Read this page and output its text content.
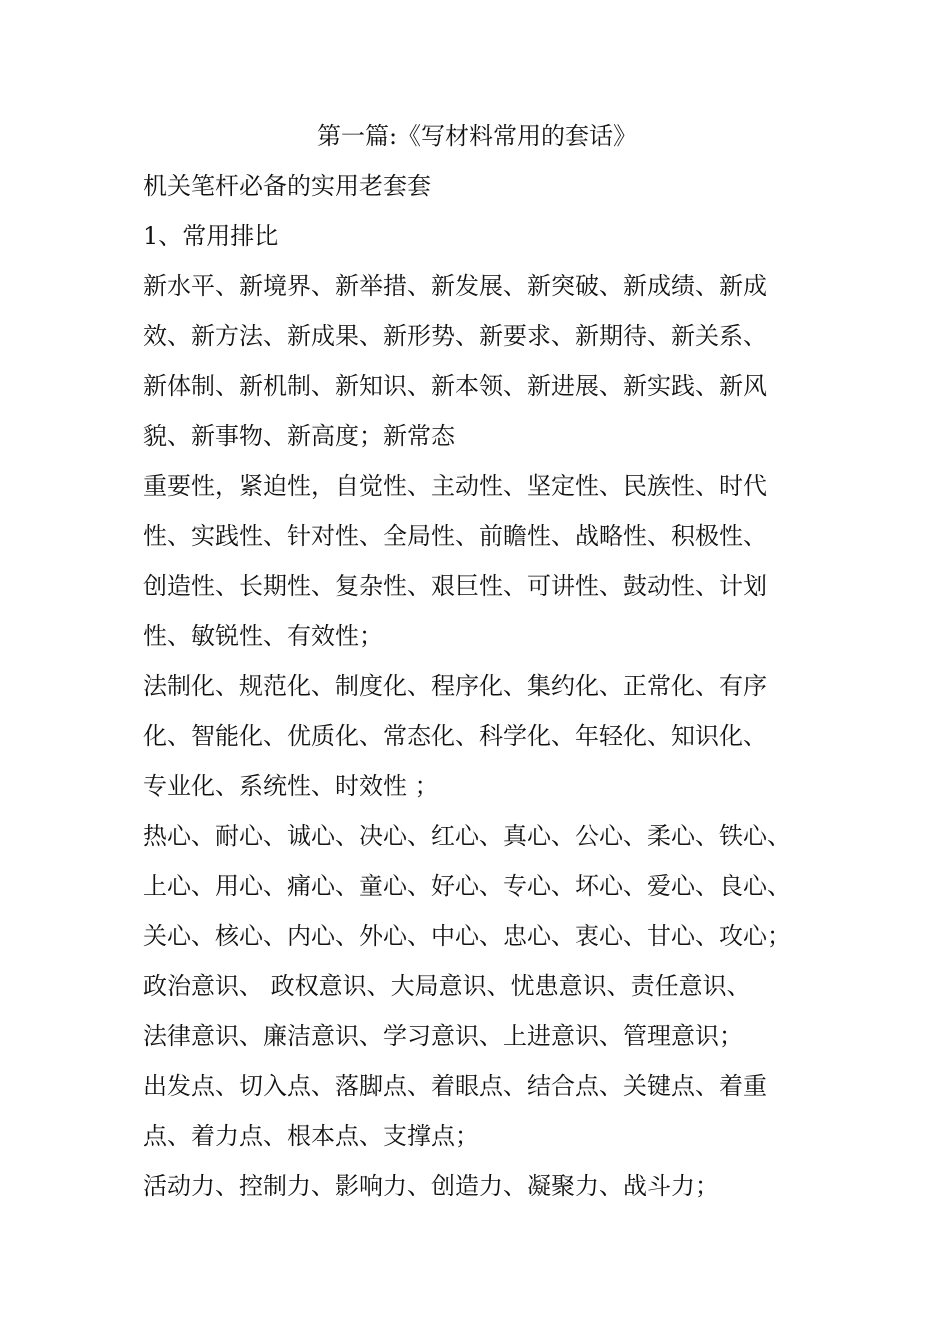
第一篇:《写材料常用的套话》
机关笔杆必备的实用老套套
1、常用排比
新水平、新境界、新举措、新发展、新突破、新成绩、新成
效、新方法、新成果、新形势、新要求、新期待、新关系、
新体制、新机制、新知识、新本领、新进展、新实践、新风
貌、新事物、新高度；新常态
重要性，紧迫性，自觉性、主动性、坚定性、民族性、时代
性、实践性、针对性、全局性、前瞻性、战略性、积极性、
创造性、长期性、复杂性、艰巨性、可讲性、鼓动性、计划
性、敏锐性、有效性；
法制化、规范化、制度化、程序化、集约化、正常化、有序
化、智能化、优质化、常态化、科学化、年轻化、知识化、
专业化、系统性、时效性 ；
热心、耐心、诚心、决心、红心、真心、公心、柔心、铁心、
上心、用心、痛心、童心、好心、专心、坏心、爱心、良心、
关心、核心、内心、外心、中心、忠心、衷心、甘心、攻心；
政治意识、 政权意识、大局意识、忧患意识、责任意识、
法律意识、廉洁意识、学习意识、上进意识、管理意识；
出发点、切入点、落脚点、着眼点、结合点、关键点、着重
点、着力点、根本点、支撑点；
活动力、控制力、影响力、创造力、凝聚力、战斗力；
